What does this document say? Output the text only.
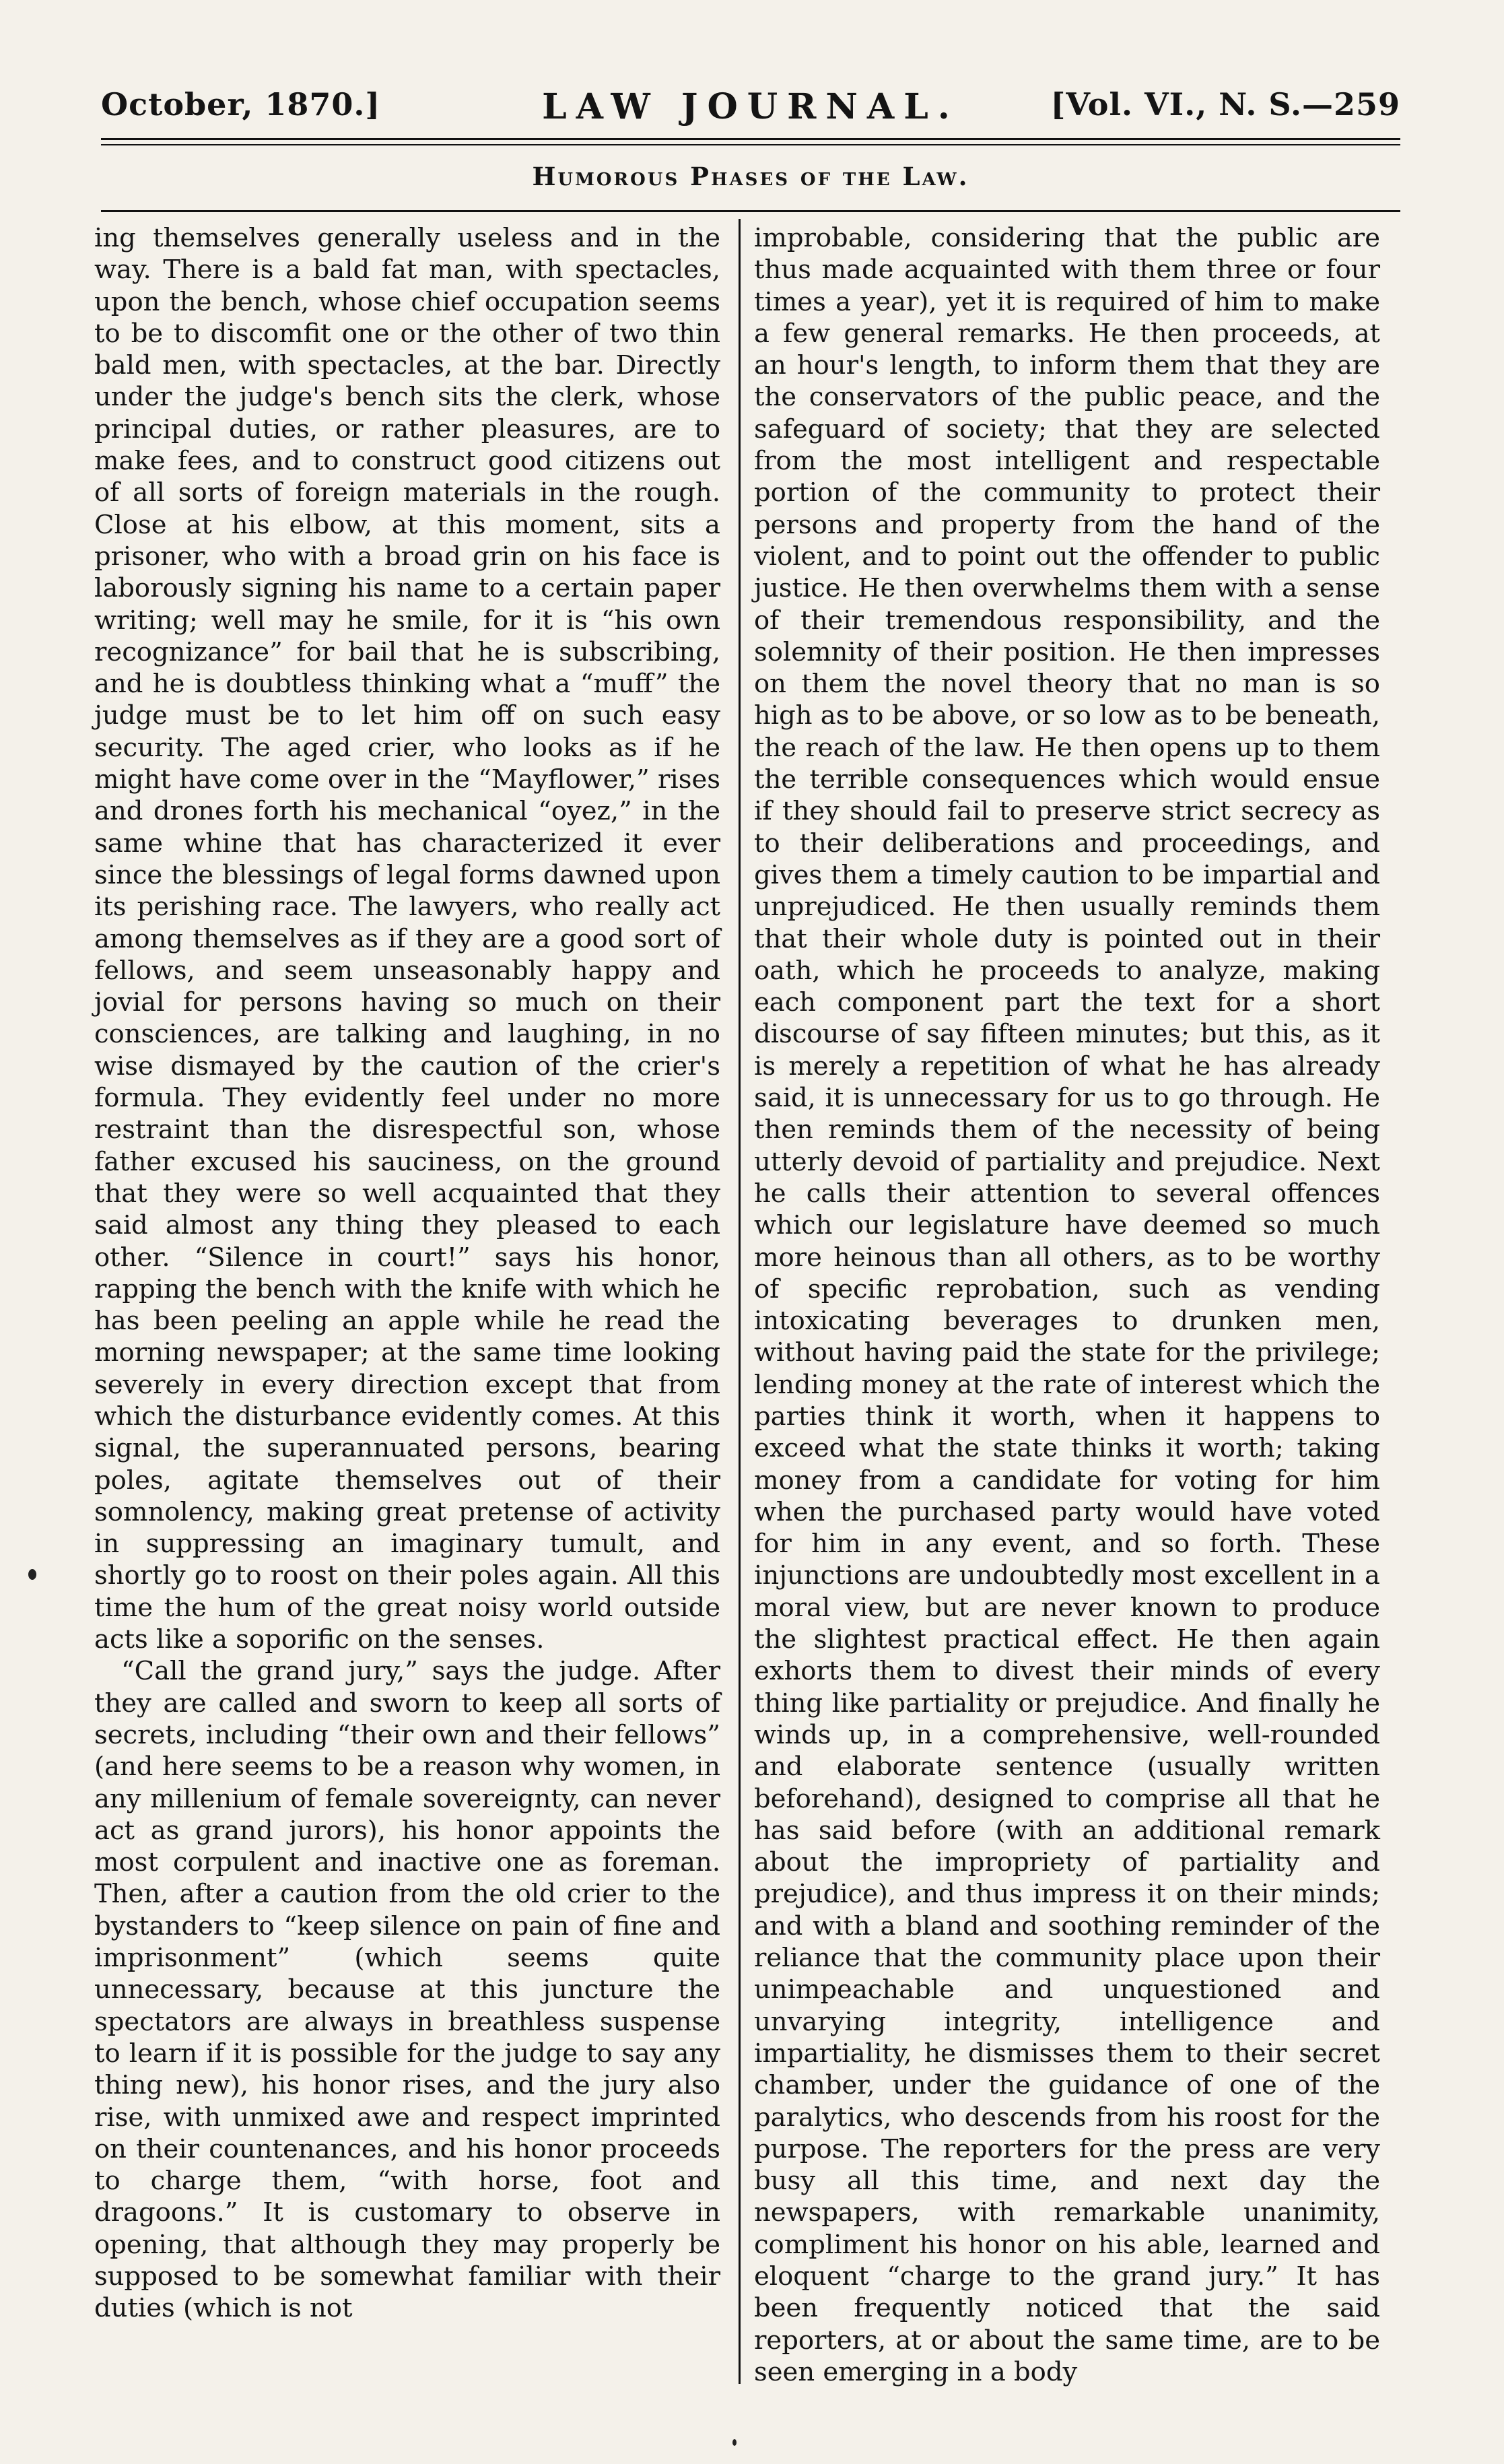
October, 1870.]	LAW JOURNAL.	[Vol. VI., N. S.—259
Humorous Phases of the Law.

ing themselves generally useless and in the way. There is a bald fat man, with spectacles, upon the bench, whose chief occupation seems to be to discomfit one or the other of two thin bald men, with spectacles, at the bar. Directly under the judge's bench sits the clerk, whose principal duties, or rather pleasures, are to make fees, and to construct good citizens out of all sorts of foreign materials in the rough. Close at his elbow, at this moment, sits a prisoner, who with a broad grin on his face is laborously signing his name to a certain paper writing; well may he smile, for it is “his own recognizance” for bail that he is subscribing, and he is doubtless thinking what a “muff” the judge must be to let him off on such easy security. The aged crier, who looks as if he might have come over in the “Mayflower,” rises and drones forth his mechanical “oyez,” in the same whine that has characterized it ever since the blessings of legal forms dawned upon its perishing race. The lawyers, who really act among themselves as if they are a good sort of fellows, and seem unseasonably happy and jovial for persons having so much on their consciences, are talking and laughing, in no wise dismayed by the caution of the crier's formula. They evidently feel under no more restraint than the disrespectful son, whose father excused his sauciness, on the ground that they were so well acquainted that they said almost any thing they pleased to each other. “Silence in court!” says his honor, rapping the bench with the knife with which he has been peeling an apple while he read the morning newspaper; at the same time looking severely in every direction except that from which the disturbance evidently comes. At this signal, the superannuated persons, bearing poles, agitate themselves out of their somnolency, making great pretense of activity in suppressing an imaginary tumult, and shortly go to roost on their poles again. All this time the hum of the great noisy world outside acts like a soporific on the senses.

“Call the grand jury,” says the judge. After they are called and sworn to keep all sorts of secrets, including “their own and their fellows” (and here seems to be a reason why women, in any millenium of female sovereignty, can never act as grand jurors), his honor appoints the most corpulent and inactive one as foreman. Then, after a caution from the old crier to the bystanders to “keep silence on pain of fine and imprisonment” (which seems quite unnecessary, because at this juncture the spectators are always in breathless suspense to learn if it is possible for the judge to say any thing new), his honor rises, and the jury also rise, with unmixed awe and respect imprinted on their countenances, and his honor proceeds to charge them, “with horse, foot and dragoons.” It is customary to observe in opening, that although they may properly be supposed to be somewhat familiar with their duties (which is not

improbable, considering that the public are thus made acquainted with them three or four times a year), yet it is required of him to make a few general remarks. He then proceeds, at an hour's length, to inform them that they are the conservators of the public peace, and the safeguard of society; that they are selected from the most intelligent and respectable portion of the community to protect their persons and property from the hand of the violent, and to point out the offender to public justice. He then overwhelms them with a sense of their tremendous responsibility, and the solemnity of their position. He then impresses on them the novel theory that no man is so high as to be above, or so low as to be beneath, the reach of the law. He then opens up to them the terrible consequences which would ensue if they should fail to preserve strict secrecy as to their deliberations and proceedings, and gives them a timely caution to be impartial and unprejudiced. He then usually reminds them that their whole duty is pointed out in their oath, which he proceeds to analyze, making each component part the text for a short discourse of say fifteen minutes; but this, as it is merely a repetition of what he has already said, it is unnecessary for us to go through. He then reminds them of the necessity of being utterly devoid of partiality and prejudice. Next he calls their attention to several offences which our legislature have deemed so much more heinous than all others, as to be worthy of specific reprobation, such as vending intoxicating beverages to drunken men, without having paid the state for the privilege; lending money at the rate of interest which the parties think it worth, when it happens to exceed what the state thinks it worth; taking money from a candidate for voting for him when the purchased party would have voted for him in any event, and so forth. These injunctions are undoubtedly most excellent in a moral view, but are never known to produce the slightest practical effect. He then again exhorts them to divest their minds of every thing like partiality or prejudice. And finally he winds up, in a comprehensive, well-rounded and elaborate sentence (usually written beforehand), designed to comprise all that he has said before (with an additional remark about the impropriety of partiality and prejudice), and thus impress it on their minds; and with a bland and soothing reminder of the reliance that the community place upon their unimpeachable and unquestioned and unvarying integrity, intelligence and impartiality, he dismisses them to their secret chamber, under the guidance of one of the paralytics, who descends from his roost for the purpose. The reporters for the press are very busy all this time, and next day the newspapers, with remarkable unanimity, compliment his honor on his able, learned and eloquent “charge to the grand jury.” It has been frequently noticed that the said reporters, at or about the same time, are to be seen emerging in a body
